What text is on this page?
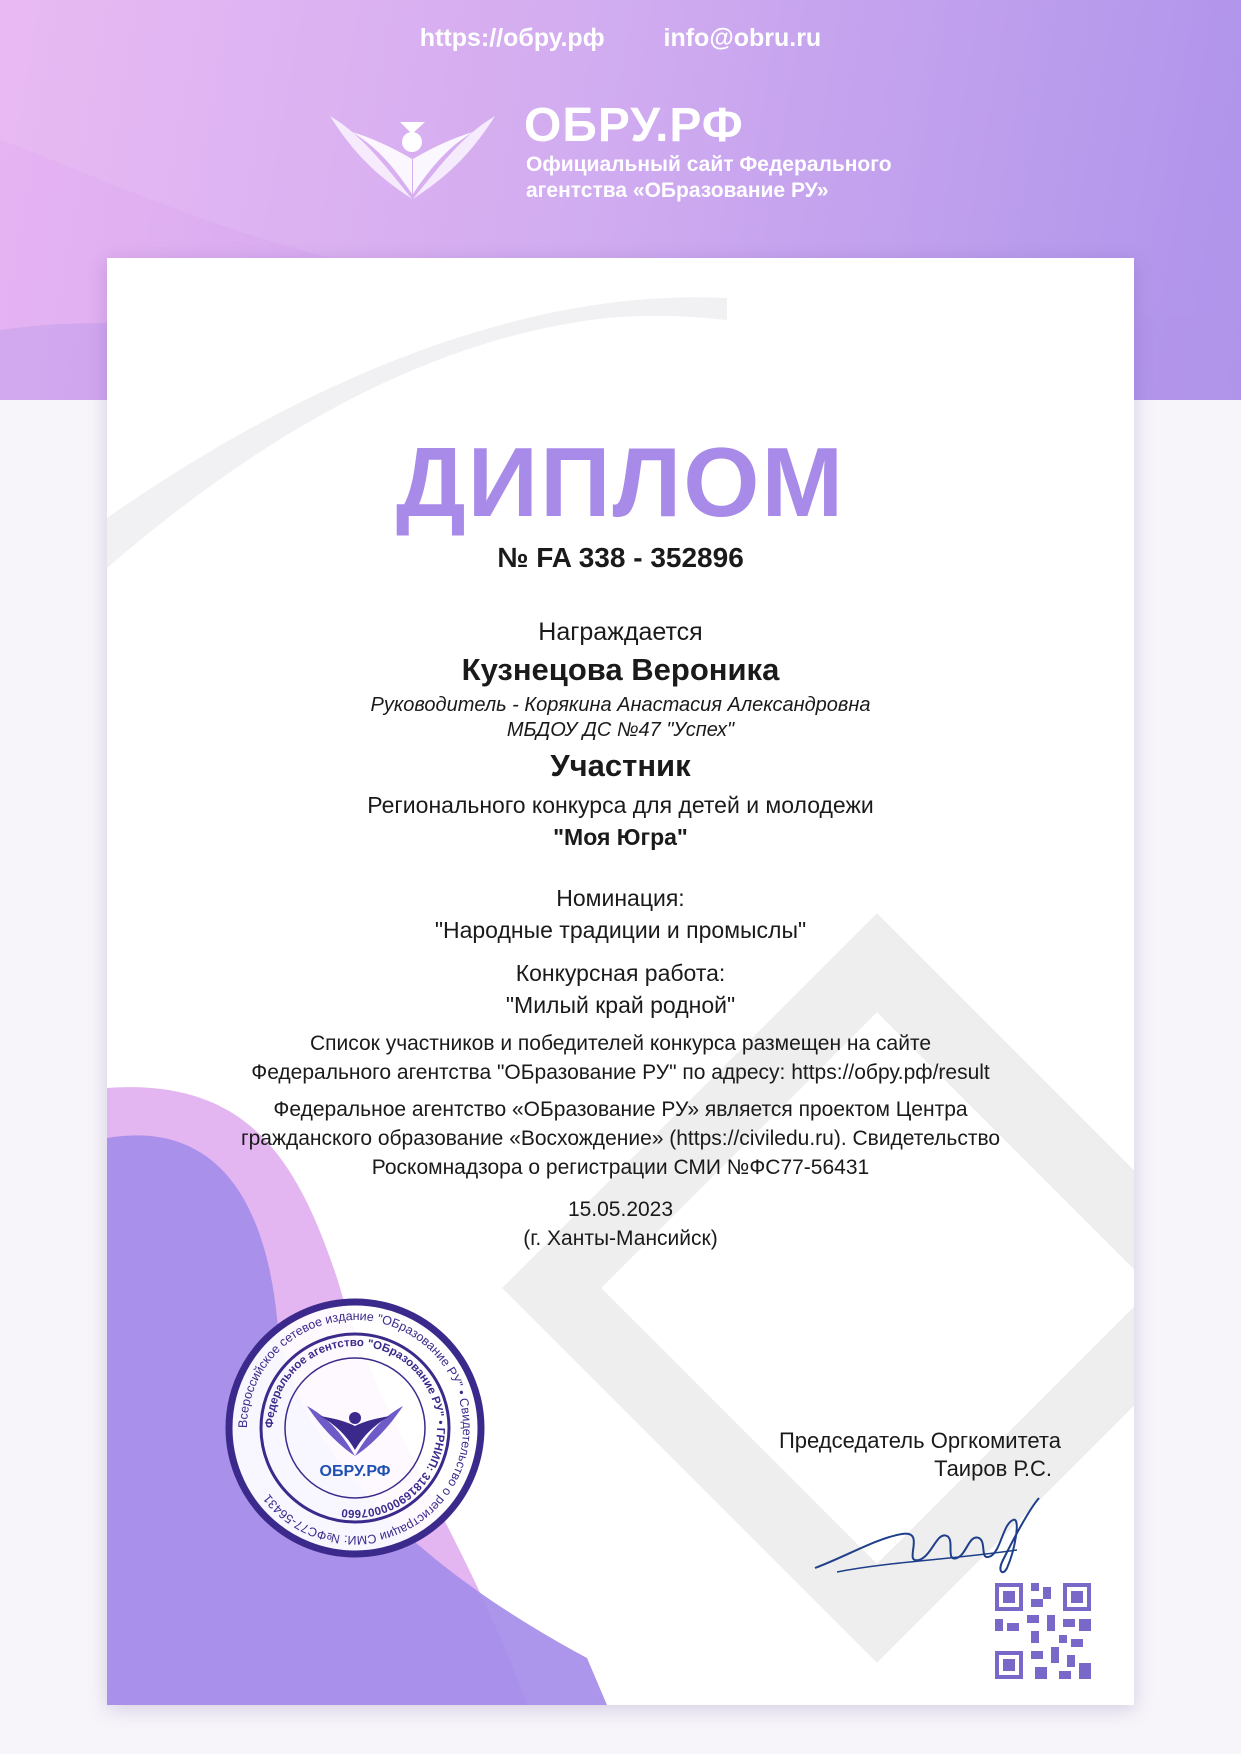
https://обру.рф info@obru.ru
ОБРУ.РФ
Официальный сайт Федерального
агентства «ОБразование РУ»
ДИПЛОМ
№ FA 338 - 352896
Награждается
Кузнецова Вероника
Руководитель - Корякина Анастасия Александровна
МБДОУ ДС №47 "Успех"
Участник
Регионального конкурса для детей и молодежи
"Моя Югра"
Номинация:
"Народные традиции и промыслы"
Конкурсная работа:
"Милый край родной"
Список участников и победителей конкурса размещен на сайте
Федерального агентства "ОБразование РУ" по адресу: https://обру.рф/result
Федеральное агентство «ОБразование РУ» является проектом Центра
гражданского образование «Восхождение» (https://civiledu.ru). Свидетельство
Роскомнадзора о регистрации СМИ №ФС77-56431
15.05.2023
(г. Ханты-Мансийск)
Всероссийское сетевое издание "ОБразование РУ" • Свидетельство о регистрации СМИ: №ФС77-56431
Федеральное агентство "ОБразование РУ" • ГРНИП: 318169000007660
ОБРУ.РФ
Председатель Оргкомитета
Таиров Р.С.
